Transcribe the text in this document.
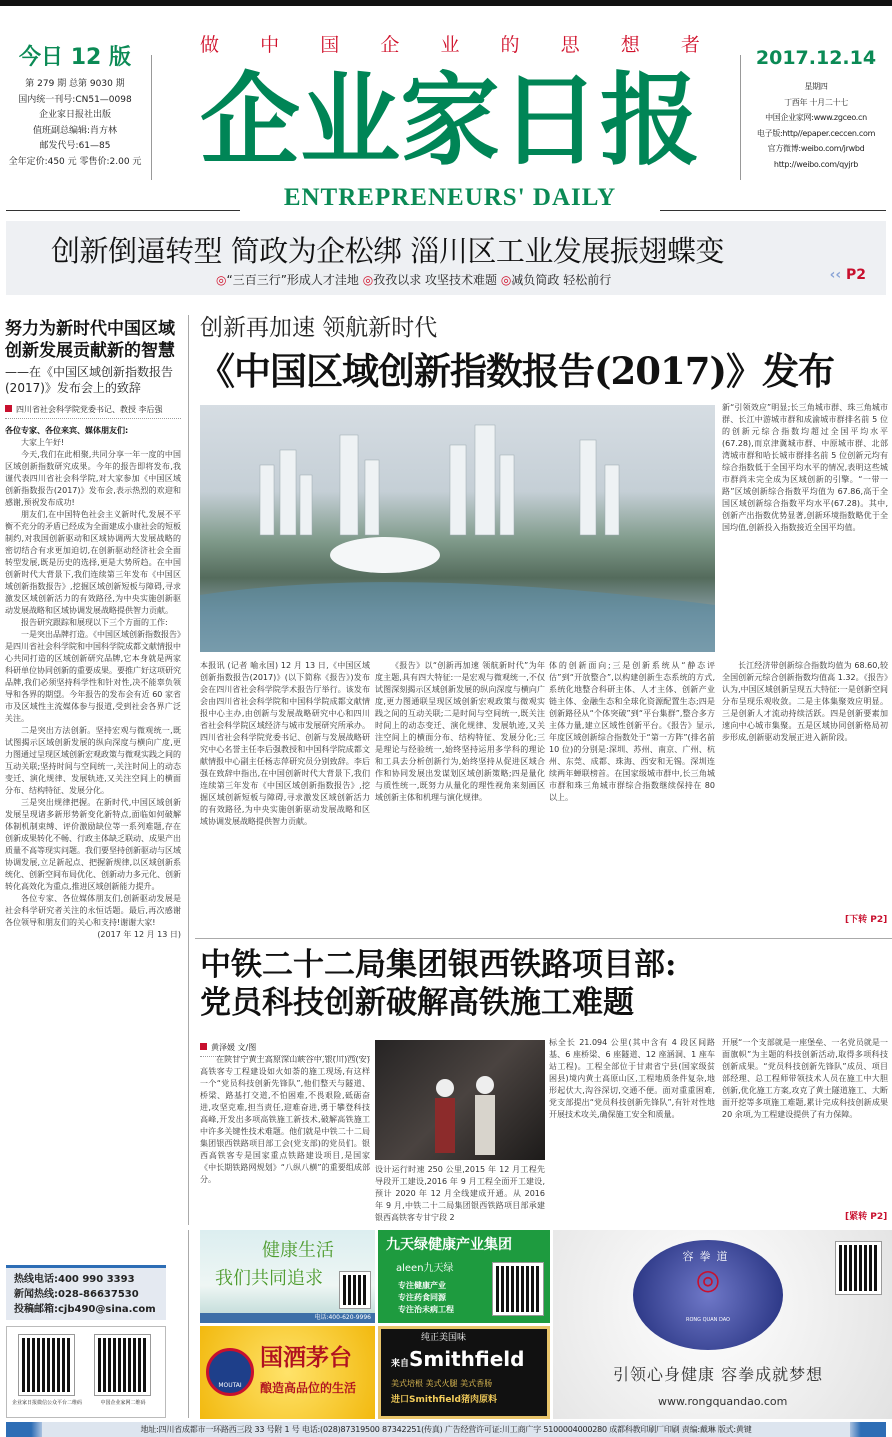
今日 12 版
第 279 期 总第 9030 期
国内统一刊号:CN51—0098
企业家日报社出版
值班副总编辑:肖方林
邮发代号:61—85
全年定价:450 元 零售价:2.00 元
做 中 国 企 业 的 思 想 者
企业家日报
ENTREPRENEURS' DAILY
2017.12.14
星期四
丁酉年 十月二十七
中国企业家网:www.zgceo.cn
电子版:http//epaper.ceccen.com
官方微博:weibo.com/jrwbd
http://weibo.com/qyjrb
创新倒逼转型 简政为企松绑 淄川区工业发展振翅蝶变
◎“三百三行”形成人才洼地 ◎孜孜以求 攻坚技术难题 ◎减负简政 轻松前行	‹‹ P2
努力为新时代中国区域创新发展贡献新的智慧
——在《中国区域创新指数报告(2017)》发布会上的致辞
四川省社会科学院党委书记、教授 李后强
各位专家、各位来宾、媒体朋友们:

大家上午好!

今天,我们在此相聚,共同分享一年一度的中国区域创新指数研究成果。今年的报告即将发布,我谨代表四川省社会科学院,对大家参加《中国区域创新指数报告(2017)》发布会,表示热烈的欢迎和感谢,预祝发布成功!

朋友们,在中国特色社会主义新时代,发展不平衡不充分的矛盾已经成为全面建成小康社会的短板制约,对我国创新驱动和区域协调两大发展战略的密切结合有求更加迫切,在创新驱动经济社会全面转型发展,既是历史的选择,更是大势所趋。在中国创新时代大背景下,我们连续第三年发布《中国区域创新指数报告》,挖掘区域创新短板与障碍,寻求激发区域创新活力的有效路径,为中央实施创新驱动发展战略和区域协调发展战略提供智力贡献。

报告研究跟踪和展现以下三个方面的工作:

一是突出品牌打造。《中国区域创新指数报告》是四川省社会科学院和中国科学院成都文献情报中心共同打造的区域创新研究品牌,它本身就是两家科研单位协同创新的重要成果。要推广好这项研究品牌,我们必须坚持科学性和针对性,决不能辜负领导和各界的期望。今年报告的发布会有近 60 家省市及区域性主流媒体参与报道,受到社会各界广泛关注。

二是突出方法创新。坚持宏观与微观统一,既试图揭示区域创新发展的纵向深度与横向广度,更力图通过呈现区域创新宏观政策与微观实践之间的互动关联;坚持时间与空间统一,关注时间上的动态变迁、演化规律、发展轨迹,又关注空间上的横面分布、结构特征、发展分化。

三是突出规律把握。在新时代,中国区域创新发展呈现诸多新形势新变化新特点,面临如何破解体制机制束缚、评价激励缺位等一系列难题,存在创新成果转化不畅、行政主体缺乏联动、成果产出质量不高等现实问题。我们要坚持创新驱动与区域协调发展,立足新起点、把握新规律,以区域创新系统化、创新空间布局优化、创新动力多元化、创新转化高效化为重点,推进区域创新能力提升。

各位专家、各位媒体朋友们,创新驱动发展是社会科学研究者关注的永恒话题。最后,再次感谢各位领导和朋友们的关心和支持!谢谢大家!

(2017 年 12 月 13 日)
创新再加速 领航新时代
《中国区域创新指数报告(2017)》发布
本报讯 (记者 喻永国) 12 月 13 日,《中国区域创新指数报告(2017)》(以下简称《报告》)发布会在四川省社会科学院学术报告厅举行。该发布会由四川省社会科学院和中国科学院成都文献情报中心主办,由创新与发展战略研究中心和四川省社会科学院区域经济与城市发展研究所承办。四川省社会科学院党委书记、创新与发展战略研究中心名誉主任李后强教授和中国科学院成都文献情报中心副主任杨志萍研究员分别致辞。李后强在致辞中指出,在中国创新时代大背景下,我们连续第三年发布《中国区域创新指数报告》,挖掘区域创新短板与障碍,寻求激发区域创新活力的有效路径,为中央实施创新驱动发展战略和区域协调发展战略提供智力贡献。
《报告》以“创新再加速 领航新时代”为年度主题,具有四大特征:一是宏观与微观统一,不仅试图深刻揭示区域创新发展的纵向深度与横向广度,更力图通联呈现区域创新宏观政策与微观实践之间的互动关联;二是时间与空间统一,既关注时间上的动态变迁、演化规律、发展轨迹,又关注空间上的横面分布、结构特征、发展分化;三是理论与经验统一,始终坚持运用多学科的理论和工具去分析创新行为,始终坚持从促进区域合作和协同发展出发谋划区域创新策略;四是量化与质性统一,既努力从量化的理性视角来刻画区域创新主体和机理与演化规律。
体的创新面向;三是创新系统从“静态评估”到“开放整合”,以构建创新生态系统的方式,系统化地整合科研主体、人才主体、创新产业链主体、金融生态和全球化资源配置生态;四是创新路径从“个体突破”到“平台集群”,整合多方主体力量,建立区域性创新平台。《报告》显示,年度区域创新综合指数处于“第一方阵”(排名前 10 位)的分别是:深圳、苏州、南京、广州、杭州、东莞、成都、珠海、西安和无锡。深圳连续两年蝉联榜首。在国家级城市群中,长三角城市群和珠三角城市群综合指数继续保持在 80 以上。
新“引领效应”明显;长三角城市群、珠三角城市群、长江中游城市群和成渝城市群排名前 5 位的创新元综合指数均超过全国平均水平(67.28),而京津冀城市群、中原城市群、北部湾城市群和哈长城市群排名前 5 位创新元均有综合指数低于全国平均水平的情况,表明这些城市群尚未完全成为区域创新的引擎。“一带一路”区域创新综合指数平均值为 67.86,高于全国区域创新综合指数平均水平(67.28)。其中,创新产出指数优势显著,创新环境指数略优于全国均值,创新投入指数接近全国平均值。
长江经济带创新综合指数均值为 68.60,较全国创新元综合创新指数均值高 1.32。《报告》认为,中国区域创新呈现五大特征:一是创新空间分布呈现乐观收敛。二是主体集聚效应明显。三是创新人才流动持续活跃。四是创新要素加速向中心城市集聚。五是区域协同创新格局初步形成,创新驱动发展正进入新阶段。
[下转 P2]
中铁二十二局集团银西铁路项目部:
党员科技创新破解高铁施工难题
黄泽媛 文/图
在陕甘宁黄土高原深山峡谷中,银(川)西(安)高铁客专工程建设如火如荼的施工现场,有这样一个“党员科技创新先锋队”,他们整天与隧道、桥梁、路基打交道,不怕困难,不畏艰险,砥砺奋进,攻坚克难,担当责任,迎难奋进,勇于攀登科技高峰,开发出多项高铁施工新技术,破解高铁施工中许多关键性技术难题。他们就是中铁二十二局集团银西铁路项目部工会(党支部)的党员们。银西高铁客专是国家重点铁路建设项目,是国家《中长期铁路网规划》“八纵八横”的重要组成部分。
设计运行时速 250 公里,2015 年 12 月工程先导段开工建设,2016 年 9 月工程全面开工建设,预计 2020 年 12 月全线建成开通。从 2016 年 9 月,中铁二十二局集团银西铁路项目部承建银西高铁客专甘宁段 2
标全长 21.094 公里(其中含有 4 段区间路基、6 座桥梁、6 座隧道、12 座涵洞、1 座车站工程)。工程全部位于甘肃省宁县(国家级贫困县)境内黄土高原山区,工程地质条件复杂,地形起伏大,沟谷深切,交通不便。面对重重困难,党支部提出“党员科技创新先锋队”,有针对性地开展技术攻关,确保施工安全和质量。
开展“一个支部就是一座堡垒、一名党员就是一面旗帜”为主题的科技创新活动,取得多项科技创新成果。“党员科技创新先锋队”成员、项目部经理、总工程师带领技术人员在施工中大胆创新,优化施工方案,攻克了黄土隧道施工、大断面开挖等多项施工难题,累计完成科技创新成果 20 余项,为工程建设提供了有力保障。
[紧转 P2]
热线电话:400 990 3393
新闻热线:028-86637530
投稿邮箱:cjb490@sina.com
企业家日报微信公众平台二维码	中国企业家网二维码
健康生活
我们共同追求
电话:400-620-9996
九天绿健康产业集团
aleen九天绿
专注健康产业
专注药食同源
专注治未病工程
MOUTAI
国酒茅台
酿造高品位的生活
纯正美国味
来自Smithfield
美式培根 美式火腿 美式香肠
进口Smithfield猪肉原料
容拳道
◎
RONG QUAN DAO
引领心身健康 容拳成就梦想
www.rongquandao.com
地址:四川省成都市一环路西三段 33 号附 1 号 电话:(028)87319500 87342251(传真) 广告经营许可证:川工商广字 5100004000280 成都科教印刷厂印刷 责编:戴琳 版式:黄键
